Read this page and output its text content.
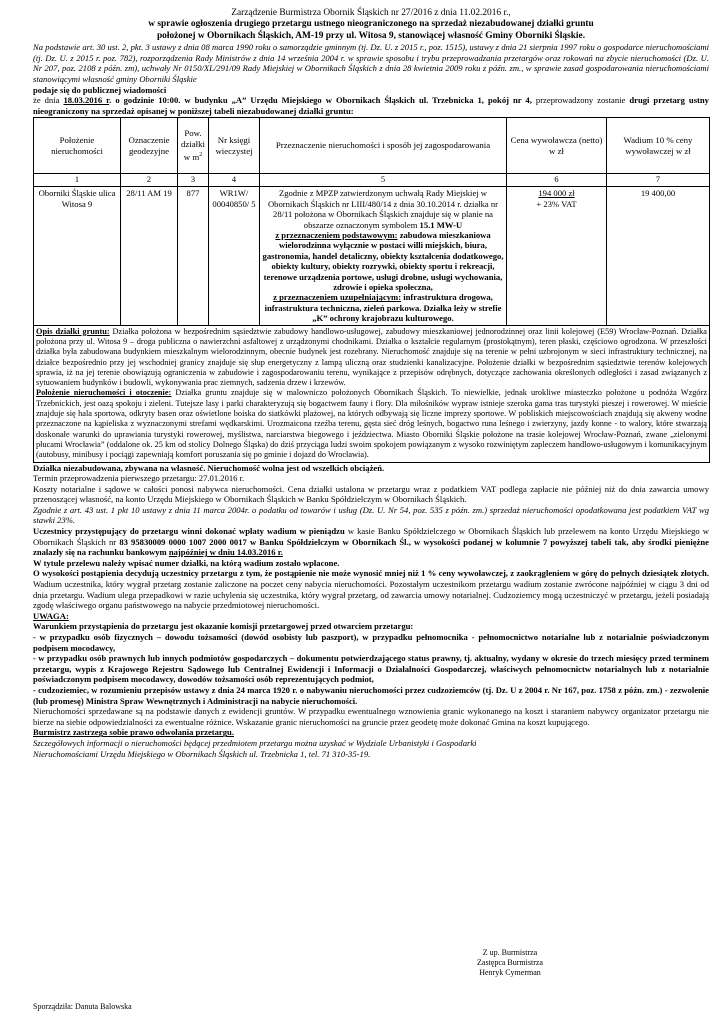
Zarządzenie Burmistrza Obornik Śląskich nr 27/2016 z dnia 11.02.2016 r.,

w sprawie ogłoszenia drugiego przetargu ustnego nieograniczonego na sprzedaż niezabudowanej działki gruntu

położonej w Obornikach Śląskich, AM-19 przy ul. Witosa 9, stanowiącej własność Gminy Oborniki Śląskie.

Na podstawie art. 30 ust. 2, pkt. 3 ustawy z dnia 08 marca 1990 roku o samorządzie gminnym (tj. Dz. U. z 2015 r., poz. 1515), ustawy z dnia 21 sierpnia 1997 roku o gospodarce nieruchomościami (tj. Dz. U. z 2015 r. poz. 782), rozporządzenia Rady Ministrów z dnia 14 września 2004 r. w sprawie sposobu i trybu przeprowadzania przetargów oraz rokowań na zbycie nieruchomości (Dz. U. Nr 207, poz. 2108 z późn. zm), uchwały Nr 0150/XL/291/09 Rady Miejskiej w Obornikach Śląskich z dnia 28 kwietnia 2009 roku z późn. zm., w sprawie zasad gospodarowania nieruchomościami stanowiącymi własność gminy Oborniki Śląskie

podaje się do publicznej wiadomości

że dnia 18.03.2016 r. o godzinie 10:00. w budynku „A” Urzędu Miejskiego w Obornikach Śląskich ul. Trzebnicka 1, pokój nr 4, przeprowadzony zostanie drugi przetarg ustny nieograniczony na sprzedaż opisanej w poniższej tabeli niezabudowanej działki gruntu:

Położenie nieruchomości	Oznaczenie geodezyjne	Pow. działki w $m^2$	Nr księgi wieczystej	Przeznaczenie nieruchomości i sposób jej zagospodarowania	Cena wywoławcza (netto) w zł	Wadium 10 % ceny wywoławczej w zł
1	2	3	4	5	6	7
Oborniki Śląskie ulica Witosa 9	28/11 AM 19	877	WR1W/ 00040850/ 5	Zgodnie z MPZP zatwierdzonym uchwałą Rady Miejskiej w Obornikach Śląskich nr LIII/480/14 z dnia 30.10.2014 r. działka nr 28/11 położona w Obornikach Śląskich znajduje się w planie na obszarze oznaczonym symbolem 15.1 MW-U
z przeznaczeniem podstawowym: zabudowa mieszkaniowa wielorodzinna wyłącznie w postaci willi miejskich, biura, gastronomia, handel detaliczny, obiekty kształcenia dodatkowego, obiekty kultury, obiekty rozrywki, obiekty sportu i rekreacji, terenowe urządzenia portowe, usługi drobne, usługi wychowania, zdrowie i opieka społeczna,
z przeznaczeniem uzupełniającym: infrastruktura drogowa, infrastruktura techniczna, zieleń parkowa. Działka leży w strefie „K” ochrony krajobrazu kulturowego.	194 000 zł
+ 23% VAT	19 400,00
Opis działki gruntu: Działka położona w bezpośrednim sąsiedztwie zabudowy handlowo-usługowej, zabudowy mieszkaniowej jednorodzinnej oraz linii kolejowej (E59) Wrocław-Poznań. Działka położona przy ul. Witosa 9 – droga publiczna o nawierzchni asfaltowej z urządzonymi chodnikami. Działka o kształcie regularnym (prostokątnym), teren płaski, częściowo ogrodzona. W przeszłości działka była zabudowana budynkiem mieszkalnym wielorodzinnym, obecnie budynek jest rozebrany. Nieruchomość znajduje się na terenie w pełni uzbrojonym w sieci infrastruktury technicznej, na działce bezpośrednio przy jej wschodniej granicy znajduje się słup energetyczny z lampą uliczną oraz studzienki kanalizacyjne. Położenie działki w bezpośrednim sąsiedztwie terenów kolejowych sprawia, iż na jej terenie obowiązują ograniczenia w zabudowie i zagospodarowaniu terenu, wynikające z przepisów odrębnych, dotyczące zachowania określonych odległości i zasad związanych z sytuowaniem budynków i budowli, wykonywania prac ziemnych, sadzenia drzew i krzewów.
Położenie nieruchomości i otoczenie: Działka gruntu znajduje się w malowniczo położonych Obornikach Śląskich. To niewielkie, jednak urokliwe miasteczko położone u podnóża Wzgórz Trzebnickich, jest oazą spokoju i zieleni. Tutejsze lasy i parki charakteryzują się bogactwem fauny i flory. Dla miłośników wypraw istnieje szeroka gama tras turystyki pieszej i rowerowej. W mieście znajduje się hala sportowa, odkryty basen oraz oświetlone boiska do siatkówki plażowej, na których odbywają się liczne imprezy sportowe. W pobliskich miejscowościach znajdują się akweny wodne przeznaczone na kąpieliska z wyznaczonymi strefami wędkarskimi. Urozmaicona rzeźba terenu, gęsta sieć dróg leśnych, bogactwo runa leśnego i zwierzyny, jazdy konne - to walory, które stwarzają doskonałe warunki do uprawiania turystyki rowerowej, myślistwa, narciarstwa biegowego i jeździectwa. Miasto Oborniki Śląskie położone na trasie kolejowej Wrocław-Poznań, zwane „zielonymi płucami Wrocławia” (oddalone ok. 25 km od stolicy Dolnego Śląska) do dziś przyciąga ludzi swoim spokojem powiązanym z wysoko rozwiniętym zapleczem handlowo-usługowym i komunikacyjnym (autobusy, minibusy i pociągi zapewniają komfort poruszania się po gminie i dojazd do Wrocławia).						

Działka niezabudowana, zbywana na własność. Nieruchomość wolna jest od wszelkich obciążeń.

Termin przeprowadzenia pierwszego przetargu: 27.01.2016 r.

Koszty notarialne i sądowe w całości ponosi nabywca nieruchomości. Cena działki ustalona w przetargu wraz z podatkiem VAT podlega zapłacie nie później niż do dnia zawarcia umowy przenoszącej własność, na konto Urzędu Miejskiego w Obornikach Śląskich w Banku Spółdzielczym w Obornikach Śląskich.

Zgodnie z art. 43 ust. 1 pkt 10 ustawy z dnia 11 marca 2004r. o podatku od towarów i usług (Dz. U. Nr 54, poz. 535 z późn. zm.) sprzedaż nieruchomości opodatkowana jest podatkiem VAT wg stawki 23%.

Uczestnicy przystępujący do przetargu winni dokonać wpłaty wadium w pieniądzu w kasie Banku Spółdzielczego w Obornikach Śląskich lub przelewem na konto Urzędu Miejskiego w Obornikach Śląskich nr 83 95830009 0000 1007 2000 0017 w Banku Spółdzielczym w Obornikach Śl., w wysokości podanej w kolumnie 7 powyższej tabeli tak, aby środki pieniężne znalazły się na rachunku bankowym najpóźniej w dniu 14.03.2016 r.
W tytule przelewu należy wpisać numer działki, na którą wadium zostało wpłacone.

O wysokości postąpienia decydują uczestnicy przetargu z tym, że postąpienie nie może wynosić mniej niż 1 % ceny wywoławczej, z zaokrągleniem w górę do pełnych dziesiątek złotych. Wadium uczestnika, który wygrał przetarg zostanie zaliczone na poczet ceny nabycia nieruchomości. Pozostałym uczestnikom przetargu wadium zostanie zwrócone najpóźniej w ciągu 3 dni od dnia przetargu. Wadium ulega przepadkowi w razie uchylenia się uczestnika, który wygrał przetarg, od zawarcia umowy notarialnej. Cudzoziemcy mogą uczestniczyć w przetargu, jeżeli posiadają zgodę właściwego organu państwowego na nabycie przedmiotowej nieruchomości.

UWAGA:

Warunkiem przystąpienia do przetargu jest okazanie komisji przetargowej przed otwarciem przetargu:

- w przypadku osób fizycznych – dowodu tożsamości (dowód osobisty lub paszport), w przypadku pełnomocnika - pełnomocnictwo notarialne lub z notarialnie poświadczonym podpisem mocodawcy,

- w przypadku osób prawnych lub innych podmiotów gospodarczych – dokumentu potwierdzającego status prawny, tj. aktualny, wydany w okresie do trzech miesięcy przed terminem przetargu, wypis z Krajowego Rejestru Sądowego lub Centralnej Ewidencji i Informacji o Działalności Gospodarczej, właściwych pełnomocnictw notarialnych lub z notarialnie poświadczonym podpisem mocodawcy, dowodów tożsamości osób reprezentujących podmiot,

- cudzoziemiec, w rozumieniu przepisów ustawy z dnia 24 marca 1920 r. o nabywaniu nieruchomości przez cudzoziemców (tj. Dz. U z 2004 r. Nr 167, poz. 1758 z późn. zm.) - zezwolenie (lub promesę) Ministra Spraw Wewnętrznych i Administracji na nabycie nieruchomości.

Nieruchomości sprzedawane są na podstawie danych z ewidencji gruntów. W przypadku ewentualnego wznowienia granic wykonanego na koszt i staraniem nabywcy organizator przetargu nie bierze na siebie odpowiedzialności za ewentualne różnice. Wskazanie granic nieruchomości na gruncie przez geodetę może dokonać Gmina na koszt kupującego.

Burmistrz zastrzega sobie prawo odwołania przetargu.

Szczegółowych informacji o nieruchomości będącej przedmiotem przetargu można uzyskać w Wydziale Urbanistyki i Gospodarki Nieruchomościami Urzędu Miejskiego w Obornikach Śląskich ul. Trzebnicka 1, tel. 71 310-35-19.

Z up. Burmistrza
Zastępca Burmistrza
Henryk Cymerman
Sporządziła: Danuta Balowska
